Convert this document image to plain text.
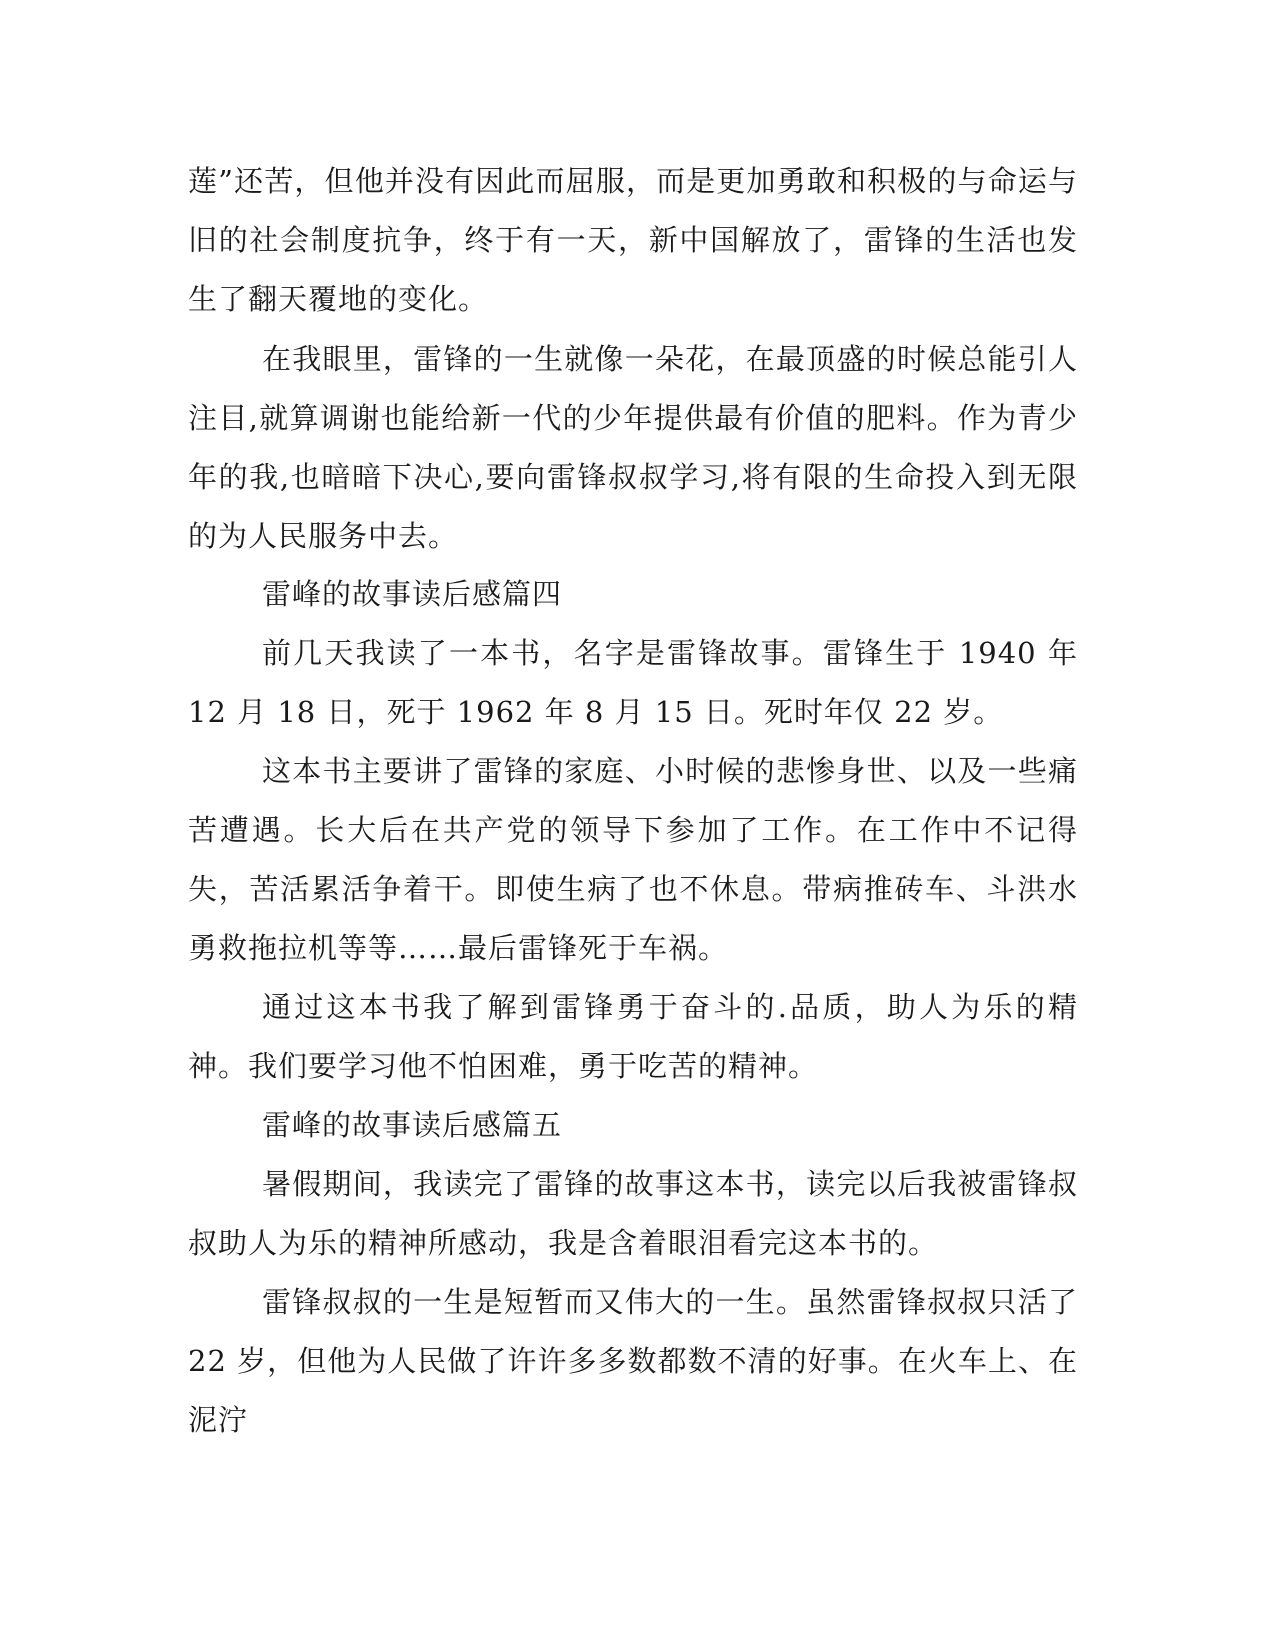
莲”还苦，但他并没有因此而屈服，而是更加勇敢和积极的与命运与旧的社会制度抗争，终于有一天，新中国解放了，雷锋的生活也发生了翻天覆地的变化。

在我眼里，雷锋的一生就像一朵花，在最顶盛的时候总能引人注目,就算调谢也能给新一代的少年提供最有价值的肥料。作为青少年的我,也暗暗下决心,要向雷锋叔叔学习,将有限的生命投入到无限的为人民服务中去。

雷峰的故事读后感篇四

前几天我读了一本书，名字是雷锋故事。雷锋生于 1940 年 12 月 18 日，死于 1962 年 8 月 15 日。死时年仅 22 岁。

这本书主要讲了雷锋的家庭、小时候的悲惨身世、以及一些痛苦遭遇。长大后在共产党的领导下参加了工作。在工作中不记得失，苦活累活争着干。即使生病了也不休息。带病推砖车、斗洪水勇救拖拉机等等……最后雷锋死于车祸。

通过这本书我了解到雷锋勇于奋斗的.品质，助人为乐的精神。我们要学习他不怕困难，勇于吃苦的精神。

雷峰的故事读后感篇五

暑假期间，我读完了雷锋的故事这本书，读完以后我被雷锋叔叔助人为乐的精神所感动，我是含着眼泪看完这本书的。

雷锋叔叔的一生是短暂而又伟大的一生。虽然雷锋叔叔只活了 22 岁，但他为人民做了许许多多数都数不清的好事。在火车上、在泥泞
